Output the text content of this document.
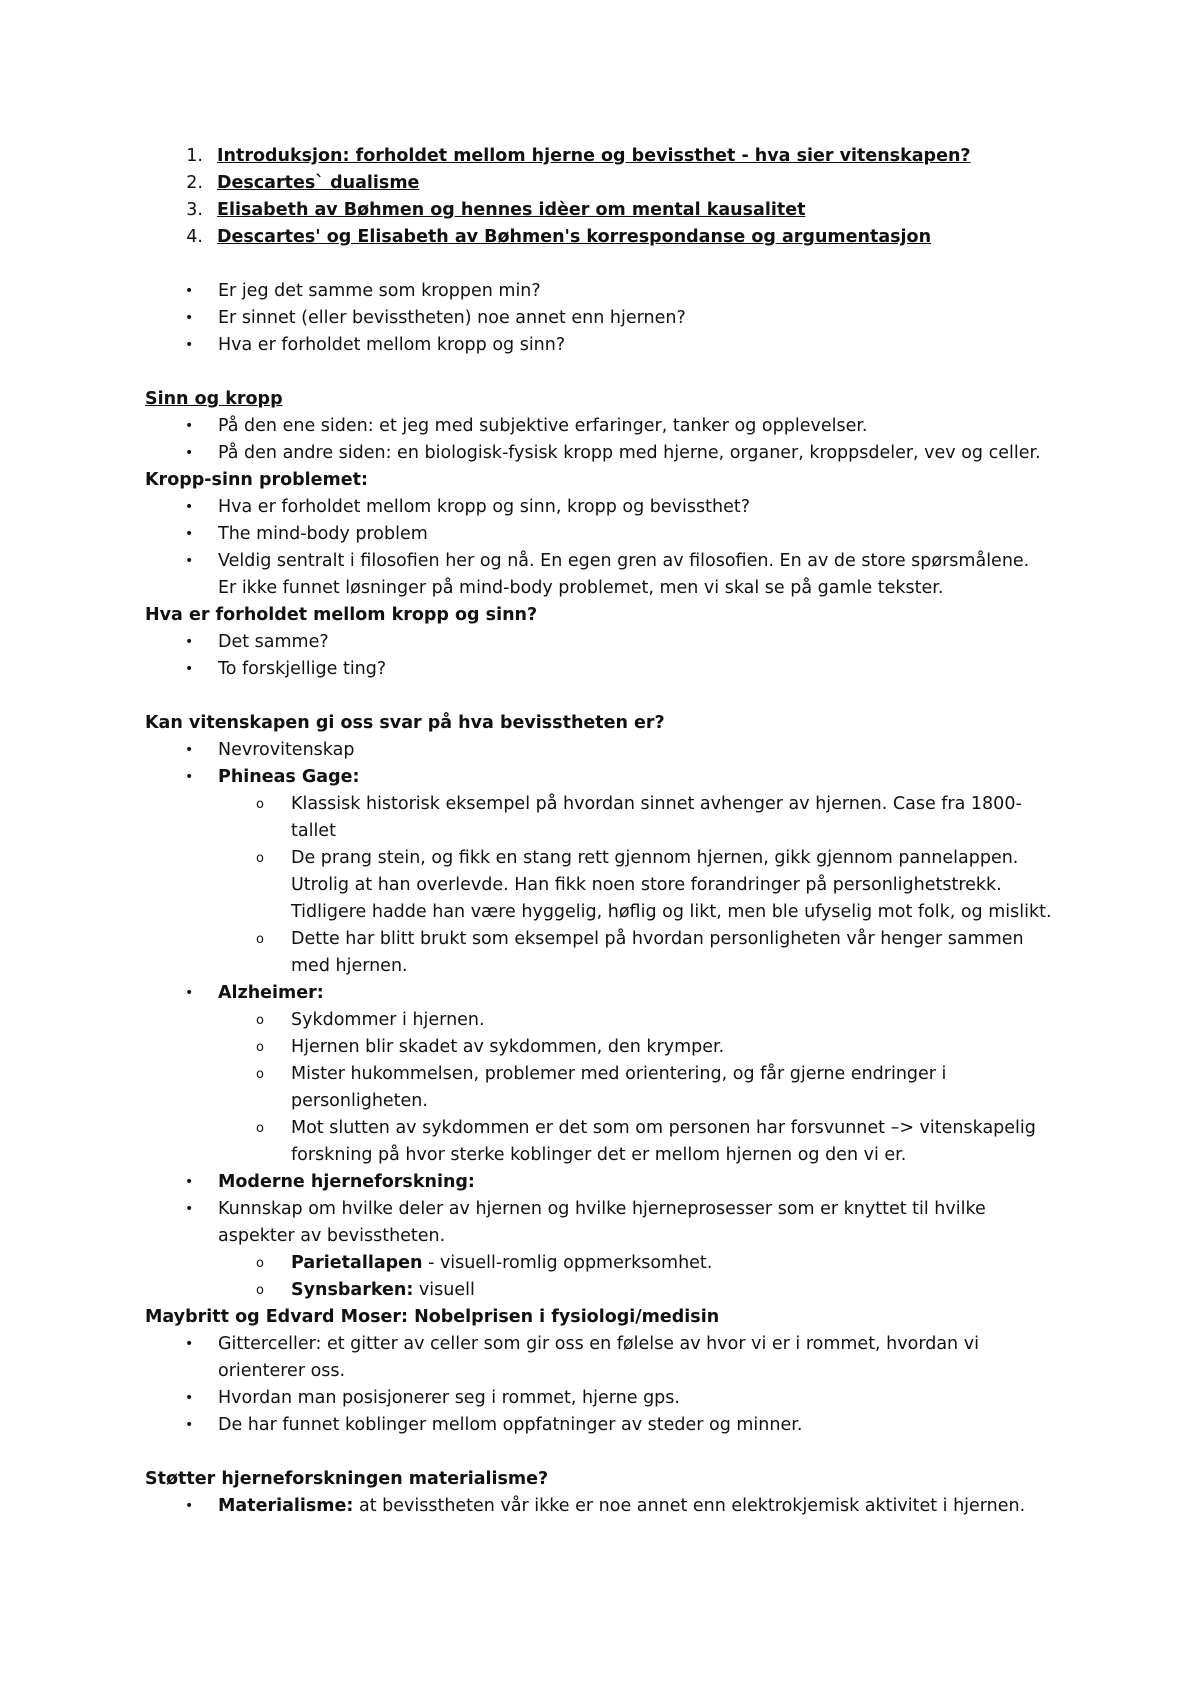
1. Introduksjon: forholdet mellom hjerne og bevissthet - hva sier vitenskapen?
2. Descartes` dualisme
3. Elisabeth av Bøhmen og hennes idèer om mental kausalitet
4. Descartes' og Elisabeth av Bøhmen's korrespondanse og argumentasjon
• Er jeg det samme som kroppen min?
• Er sinnet (eller bevisstheten) noe annet enn hjernen?
• Hva er forholdet mellom kropp og sinn?
Sinn og kropp
• På den ene siden: et jeg med subjektive erfaringer, tanker og opplevelser.
• På den andre siden: en biologisk-fysisk kropp med hjerne, organer, kroppsdeler, vev og celler.
Kropp-sinn problemet:
• Hva er forholdet mellom kropp og sinn, kropp og bevissthet?
• The mind-body problem
• Veldig sentralt i filosofien her og nå. En egen gren av filosofien. En av de store spørsmålene.
Er ikke funnet løsninger på mind-body problemet, men vi skal se på gamle tekster.
Hva er forholdet mellom kropp og sinn?
• Det samme?
• To forskjellige ting?
Kan vitenskapen gi oss svar på hva bevisstheten er?
• Nevrovitenskap
• Phineas Gage:
o Klassisk historisk eksempel på hvordan sinnet avhenger av hjernen. Case fra 1800-
tallet
o De prang stein, og fikk en stang rett gjennom hjernen, gikk gjennom pannelappen.
Utrolig at han overlevde. Han fikk noen store forandringer på personlighetstrekk.
Tidligere hadde han være hyggelig, høflig og likt, men ble ufyselig mot folk, og mislikt.
o Dette har blitt brukt som eksempel på hvordan personligheten vår henger sammen
med hjernen.
• Alzheimer:
o Sykdommer i hjernen.
o Hjernen blir skadet av sykdommen, den krymper.
o Mister hukommelsen, problemer med orientering, og får gjerne endringer i
personligheten.
o Mot slutten av sykdommen er det som om personen har forsvunnet –> vitenskapelig
forskning på hvor sterke koblinger det er mellom hjernen og den vi er.
• Moderne hjerneforskning:
• Kunnskap om hvilke deler av hjernen og hvilke hjerneprosesser som er knyttet til hvilke
aspekter av bevisstheten.
o Parietallapen - visuell-romlig oppmerksomhet.
o Synsbarken: visuell
Maybritt og Edvard Moser: Nobelprisen i fysiologi/medisin
• Gitterceller: et gitter av celler som gir oss en følelse av hvor vi er i rommet, hvordan vi
orienterer oss.
• Hvordan man posisjonerer seg i rommet, hjerne gps.
• De har funnet koblinger mellom oppfatninger av steder og minner.
Støtter hjerneforskningen materialisme?
• Materialisme: at bevisstheten vår ikke er noe annet enn elektrokjemisk aktivitet i hjernen.
